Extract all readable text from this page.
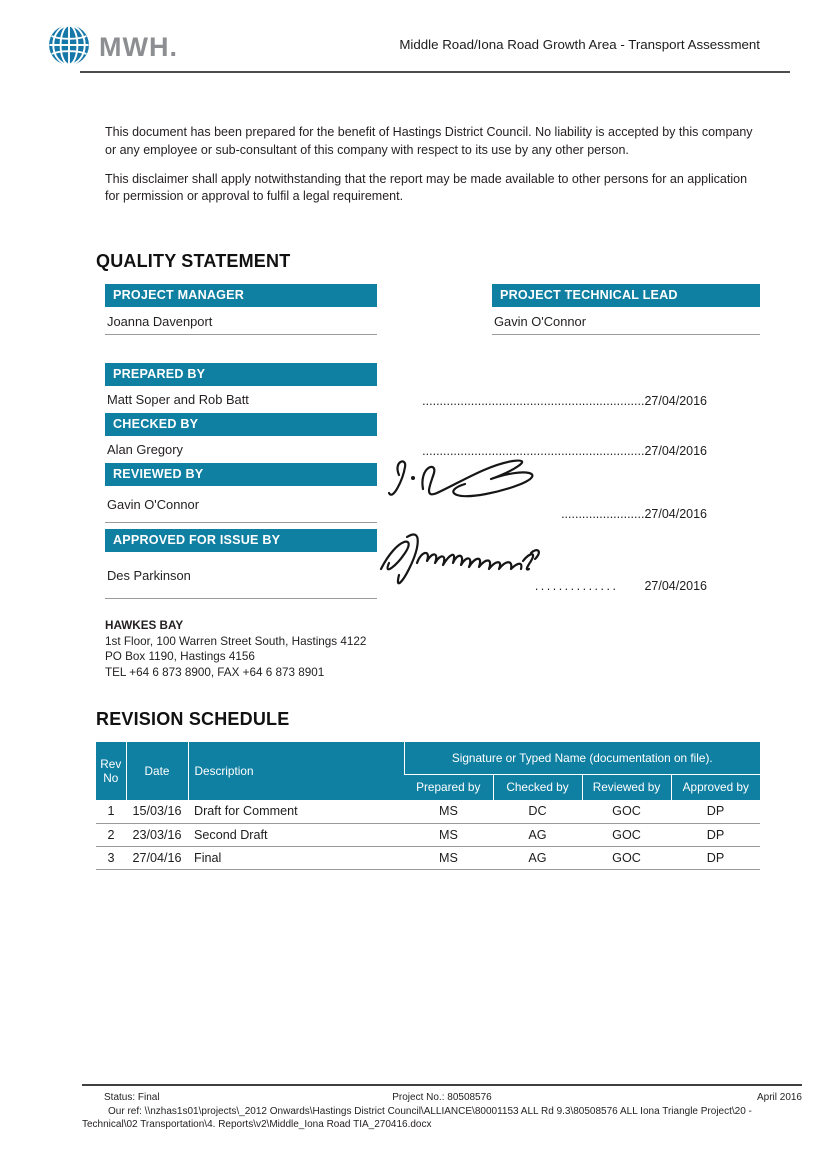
MWH.	Middle Road/Iona Road Growth Area - Transport Assessment

This document has been prepared for the benefit of Hastings District Council. No liability is accepted by this company or any employee or sub-consultant of this company with respect to its use by any other person.

This disclaimer shall apply notwithstanding that the report may be made available to other persons for an application for permission or approval to fulfil a legal requirement.

QUALITY STATEMENT
PROJECT MANAGER
Joanna Davenport
PROJECT TECHNICAL LEAD
Gavin O'Connor
PREPARED BY
Matt Soper and Rob Batt	................................................................27/04/2016
CHECKED BY
Alan Gregory	................................................................27/04/2016
REVIEWED BY
Gavin O'Connor
........................27/04/2016
APPROVED FOR ISSUE BY
Des Parkinson
.............. 27/04/2016
HAWKES BAY
1st Floor, 100 Warren Street South, Hastings 4122
PO Box 1190, Hastings 4156
TEL +64 6 873 8900, FAX +64 6 873 8901
REVISION SCHEDULE
Rev No	Date	Description	Signature or Typed Name (documentation on file).			
			Prepared by	Checked by	Reviewed by	Approved by
1	15/03/16	Draft for Comment	MS	DC	GOC	DP
2	23/03/16	Second Draft	MS	AG	GOC	DP
3	27/04/16	Final	MS	AG	GOC	DP
Status: Final	Project No.: 80508576	April 2016
Our ref: \\nzhas1s01\projects\_2012 Onwards\Hastings District Council\ALLIANCE\80001153 ALL Rd 9.3\80508576 ALL Iona Triangle Project\20 -
Technical\02 Transportation\4. Reports\v2\Middle_Iona Road TIA_270416.docx
